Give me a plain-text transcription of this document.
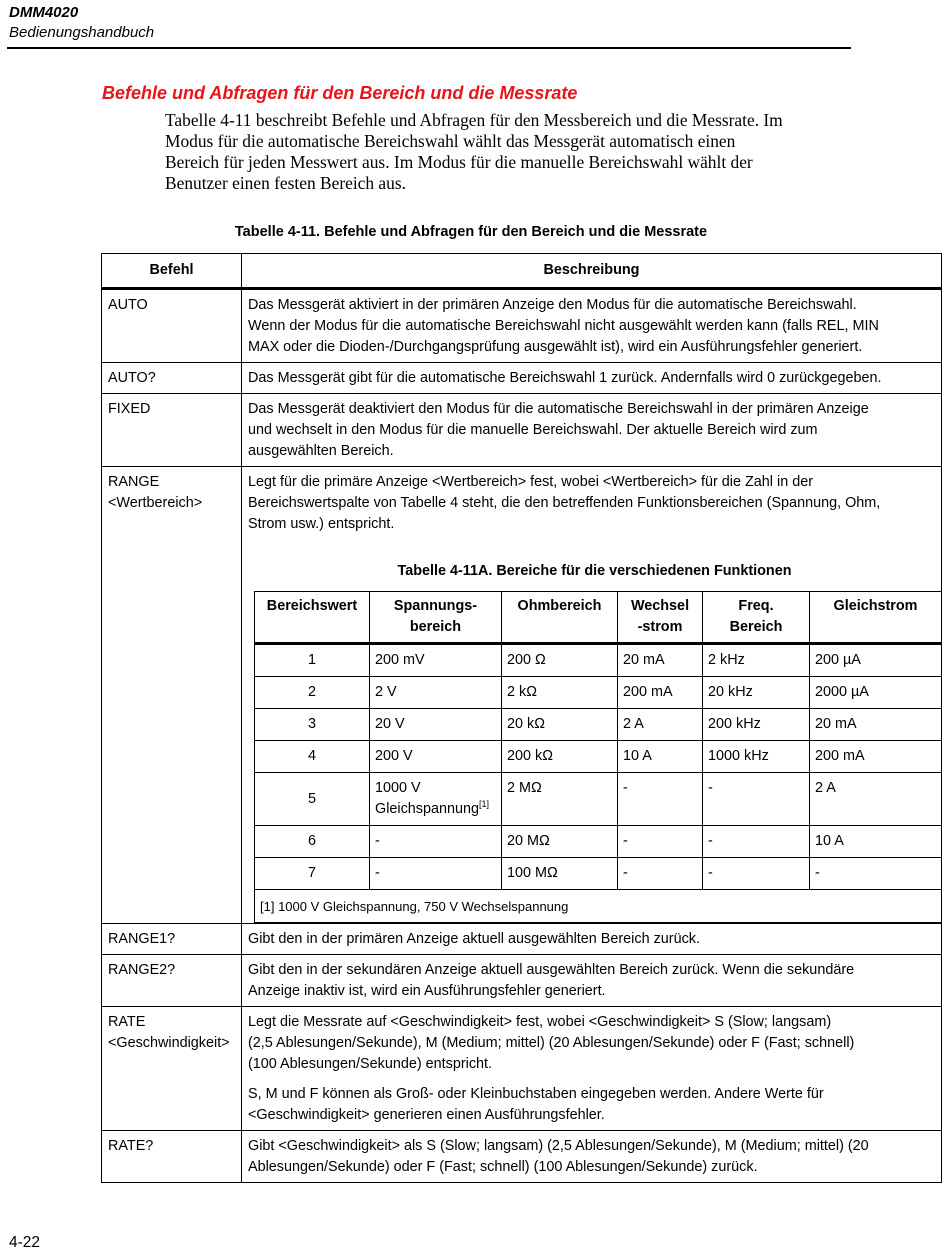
DMM4020
Bedienungshandbuch
Befehle und Abfragen für den Bereich und die Messrate
Tabelle 4-11 beschreibt Befehle und Abfragen für den Messbereich und die Messrate. Im
Modus für die automatische Bereichswahl wählt das Messgerät automatisch einen
Bereich für jeden Messwert aus. Im Modus für die manuelle Bereichswahl wählt der
Benutzer einen festen Bereich aus.
Tabelle 4-11. Befehle und Abfragen für den Bereich und die Messrate
Befehl	Beschreibung

AUTO	Das Messgerät aktiviert in der primären Anzeige den Modus für die automatische Bereichswahl.
Wenn der Modus für die automatische Bereichswahl nicht ausgewählt werden kann (falls REL, MIN
MAX oder die Dioden-/Durchgangsprüfung ausgewählt ist), wird ein Ausführungsfehler generiert.

AUTO?	Das Messgerät gibt für die automatische Bereichswahl 1 zurück. Andernfalls wird 0 zurückgegeben.

FIXED	Das Messgerät deaktiviert den Modus für die automatische Bereichswahl in der primären Anzeige
und wechselt in den Modus für die manuelle Bereichswahl. Der aktuelle Bereich wird zum
ausgewählten Bereich.

RANGE
<Wertbereich>

Legt für die primäre Anzeige <Wertbereich> fest, wobei <Wertbereich> für die Zahl in der
Bereichswertspalte von Tabelle 4 steht, die den betreffenden Funktionsbereichen (Spannung, Ohm,
Strom usw.) entspricht.
Tabelle 4-11A. Bereiche für die verschiedenen Funktionen
Bereichswert	Spannungs-
bereich	Ohmbereich	Wechsel
-strom	Freq.
Bereich	Gleichstrom
1	200 mV	200 Ω	20 mA	2 kHz	200 µA
2	2 V	2 kΩ	200 mA	20 kHz	2000 µA
3	20 V	20 kΩ	2 A	200 kHz	20 mA
4	200 V	200 kΩ	10 A	1000 kHz	200 mA
5	1000 V
Gleichspannung[1]	2 MΩ	-	-	2 A
6	-	20 MΩ	-	-	10 A
7	-	100 MΩ	-	-	-
[1] 1000 V Gleichspannung, 750 V Wechselspannung

RANGE1?	Gibt den in der primären Anzeige aktuell ausgewählten Bereich zurück.

RANGE2?	Gibt den in der sekundären Anzeige aktuell ausgewählten Bereich zurück. Wenn die sekundäre
Anzeige inaktiv ist, wird ein Ausführungsfehler generiert.

RATE
<Geschwindigkeit>

Legt die Messrate auf <Geschwindigkeit> fest, wobei <Geschwindigkeit> S (Slow; langsam)
(2,5 Ablesungen/Sekunde), M (Medium; mittel) (20 Ablesungen/Sekunde) oder F (Fast; schnell)
(100 Ablesungen/Sekunde) entspricht.
S, M und F können als Groß- oder Kleinbuchstaben eingegeben werden. Andere Werte für
<Geschwindigkeit> generieren einen Ausführungsfehler.

RATE?	Gibt <Geschwindigkeit> als S (Slow; langsam) (2,5 Ablesungen/Sekunde), M (Medium; mittel) (20
Ablesungen/Sekunde) oder F (Fast; schnell) (100 Ablesungen/Sekunde) zurück.
4-22
